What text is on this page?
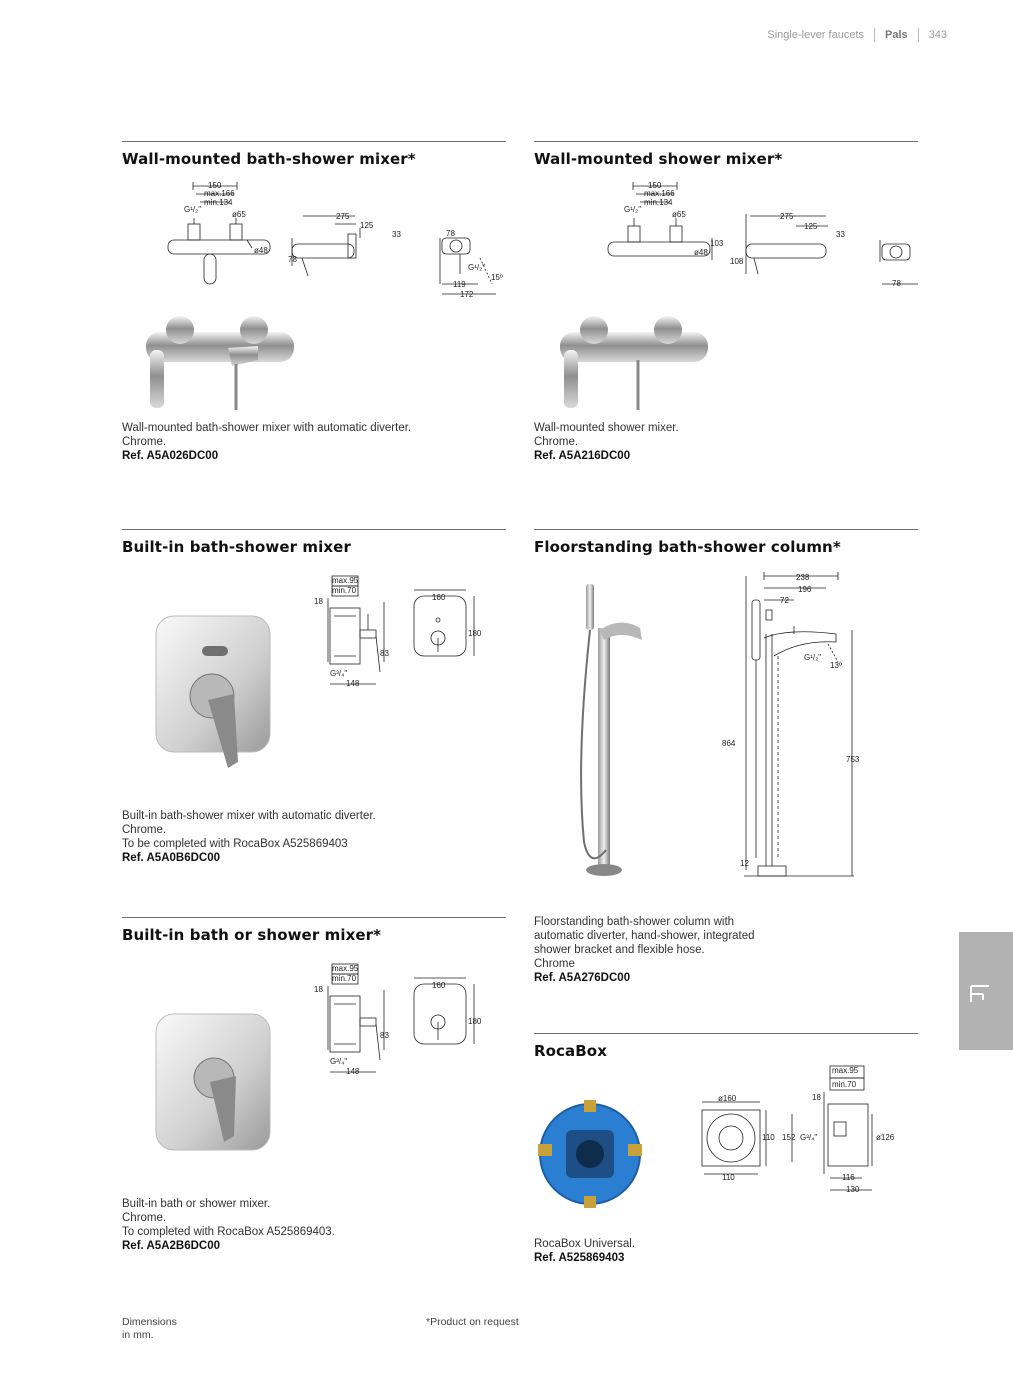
Single-lever faucets Pals 343
Wall-mounted bath-shower mixer*
150
max.166
min.134
G¹/₂"
ø65
ø48
275
125
33
78
78
G¹/₂"
15º
119
172
Wall-mounted bath-shower mixer with automatic diverter.
Chrome.
Ref. A5A026DC00
Wall-mounted shower mixer*
150
max.166
min.134
G¹/₂"
ø65
103
ø48
275
125
33
108
78
Wall-mounted shower mixer.
Chrome.
Ref. A5A216DC00
Built-in bath-shower mixer
max.95
min.70
18
83
G³/₄"
148
160
180
Built-in bath-shower mixer with automatic diverter.
Chrome.
To be completed with RocaBox A525869403
Ref. A5A0B6DC00
Floorstanding bath-shower column*
238
196
72
G¹/₂"
13º
864
753
12
Floorstanding bath-shower column with
automatic diverter, hand-shower, integrated
shower bracket and flexible hose.
Chrome
Ref. A5A276DC00
Built-in bath or shower mixer*
max.95
min.70
18
83
G³/₄"
148
160
180
Built-in bath or shower mixer.
Chrome.
To completed with RocaBox A525869403.
Ref. A5A2B6DC00
RocaBox
ø160
110
110
max.95
min.70
18
152 G³/₄"	ø126
116
130
RocaBox Universal.
Ref. A525869403
Dimensions
in mm.
*Product on request
